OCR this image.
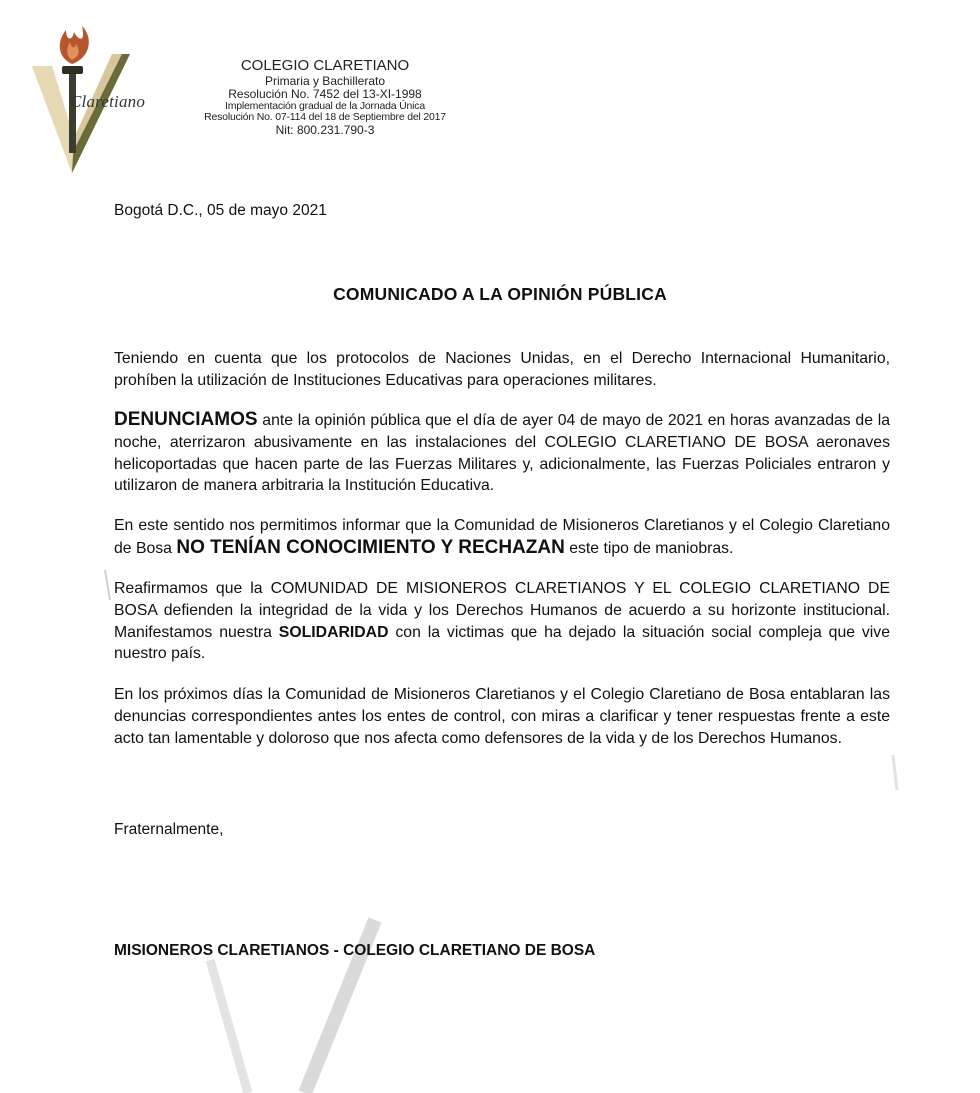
Claretiano
COLEGIO CLARETIANO
Primaria y Bachillerato
Resolución No. 7452 del 13-XI-1998
Implementación gradual de la Jornada Única
Resolución No. 07-114 del 18 de Septiembre del 2017
Nit: 800.231.790-3
Bogotá D.C., 05 de mayo 2021
COMUNICADO A LA OPINIÓN PÚBLICA
Teniendo en cuenta que los protocolos de Naciones Unidas, en el Derecho Internacional Humanitario, prohíben la utilización de Instituciones Educativas para operaciones militares.
DENUNCIAMOS ante la opinión pública que el día de ayer 04 de mayo de 2021 en horas avanzadas de la noche, aterrizaron abusivamente en las instalaciones del COLEGIO CLARETIANO DE BOSA aeronaves helicoportadas que hacen parte de las Fuerzas Militares y, adicionalmente, las Fuerzas Policiales entraron y utilizaron de manera arbitraria la Institución Educativa.
En este sentido nos permitimos informar que la Comunidad de Misioneros Claretianos y el Colegio Claretiano de Bosa NO TENÍAN CONOCIMIENTO Y RECHAZAN este tipo de maniobras.
Reafirmamos que la COMUNIDAD DE MISIONEROS CLARETIANOS Y EL COLEGIO CLARETIANO DE BOSA defienden la integridad de la vida y los Derechos Humanos de acuerdo a su horizonte institucional. Manifestamos nuestra SOLIDARIDAD con la victimas que ha dejado la situación social compleja que vive nuestro país.
En los próximos días la Comunidad de Misioneros Claretianos y el Colegio Claretiano de Bosa entablaran las denuncias correspondientes antes los entes de control, con miras a clarificar y tener respuestas frente a este acto tan lamentable y doloroso que nos afecta como defensores de la vida y de los Derechos Humanos.
Fraternalmente,
MISIONEROS CLARETIANOS - COLEGIO CLARETIANO DE BOSA
